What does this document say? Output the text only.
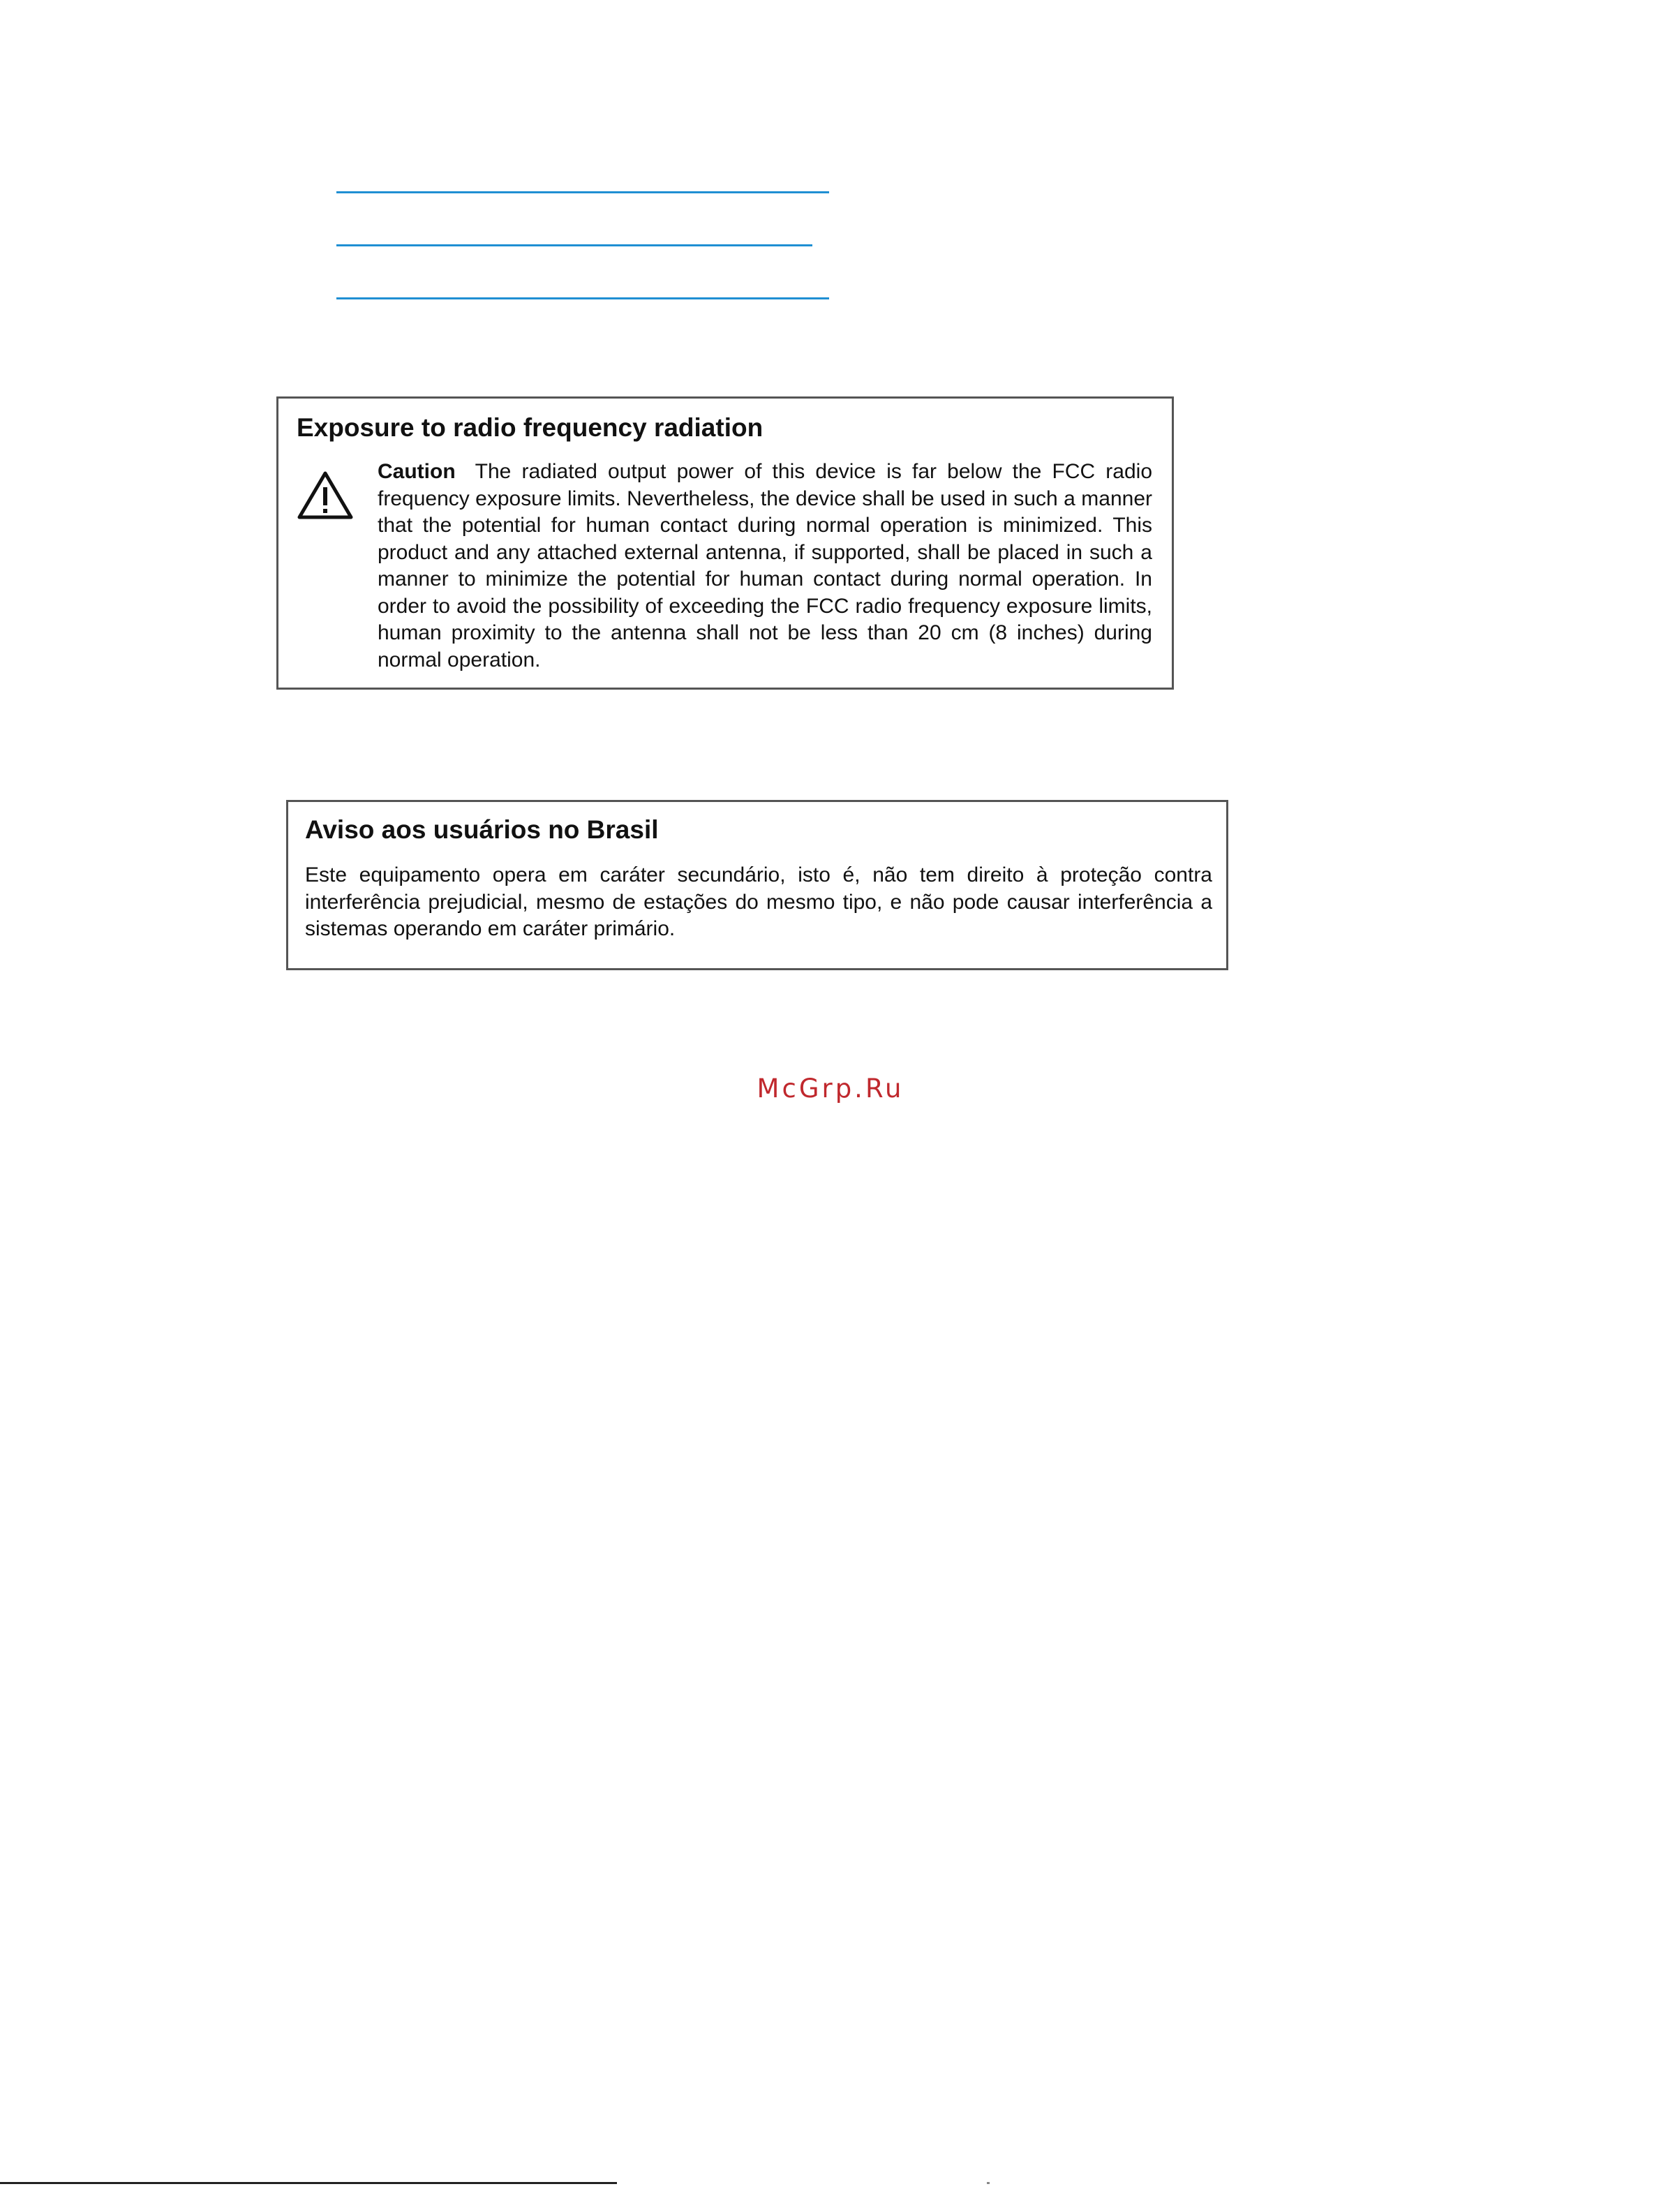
Exposure to radio frequency radiation
Caution The radiated output power of this device is far below the FCC radio frequency exposure limits. Nevertheless, the device shall be used in such a manner that the potential for human contact during normal operation is minimized. This product and any attached external antenna, if supported, shall be placed in such a manner to minimize the potential for human contact during normal operation. In order to avoid the possibility of exceeding the FCC radio frequency exposure limits, human proximity to the antenna shall not be less than 20 cm (8 inches) during normal operation.
Aviso aos usuários no Brasil
Este equipamento opera em caráter secundário, isto é, não tem direito à proteção contra interferência prejudicial, mesmo de estações do mesmo tipo, e não pode causar interferência a sistemas operando em caráter primário.
McGrp.Ru
